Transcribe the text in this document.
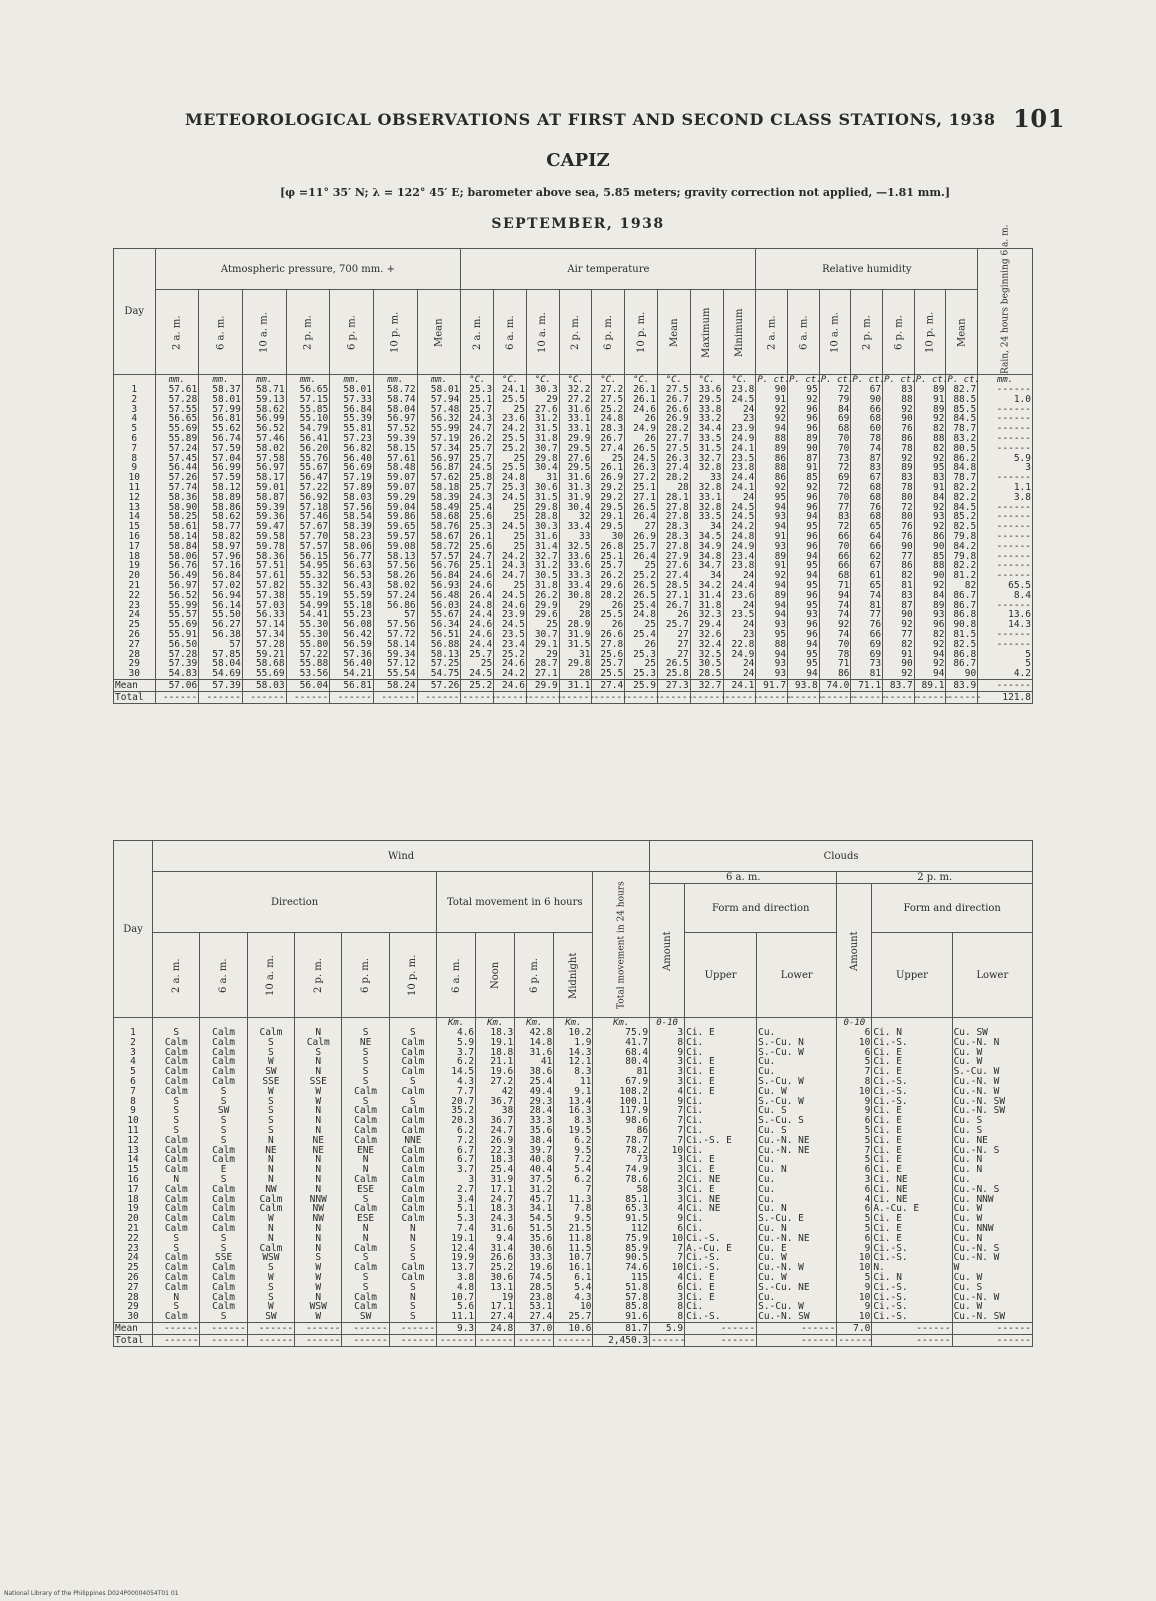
METEOROLOGICAL OBSERVATIONS AT FIRST AND SECOND CLASS STATIONS, 1938 101
CAPIZ
[φ =11° 35′ N; λ = 122° 45′ E; barometer above sea, 5.85 meters; gravity correction not applied, —1.81 mm.]
SEPTEMBER, 1938
Day	Atmospheric pressure, 700 mm. +							Air temperature									Relative humidity							Rain, 24 hours beginning 6 a. m.
	2 a. m.	6 a. m.	10 a. m.	2 p. m.	6 p. m.	10 p. m.	Mean	2 a. m.	6 a. m.	10 a. m.	2 p. m.	6 p. m.	10 p. m.	Mean	Maximum	Minimum	2 a. m.	6 a. m.	10 a. m.	2 p. m.	6 p. m.	10 p. m.	Mean	
	mm.	mm.	mm.	mm.	mm.	mm.	mm.	°C.	°C.	°C.	°C.	°C.	°C.	°C.	°C.	°C.	P. ct.	P. ct.	P. ct.	P. ct.	P. ct.	P. ct.	P. ct.	mm.
1	57.61	58.37	58.71	56.65	58.01	58.72	58.01	25.3	24.1	30.3	32.2	27.2	26.1	27.5	33.6	23.8	90	95	72	67	83	89	82.7	------
2	57.28	58.01	59.13	57.15	57.33	58.74	57.94	25.1	25.5	29	27.2	27.5	26.1	26.7	29.5	24.5	91	92	79	90	88	91	88.5	1.0
3	57.55	57.99	58.62	55.85	56.84	58.04	57.48	25.7	25	27.6	31.6	25.2	24.6	26.6	33.8	24	92	96	84	66	92	89	85.5	------
4	56.65	56.81	56.99	55.10	55.39	56.97	56.32	24.3	23.6	31.2	33.1	24.8	26	26.9	33.2	23	92	96	69	68	90	92	84.5	------
5	55.69	55.62	56.52	54.79	55.81	57.52	55.99	24.7	24.2	31.5	33.1	28.3	24.9	28.2	34.4	23.9	94	96	68	60	76	82	78.7	------
6	55.89	56.74	57.46	56.41	57.23	59.39	57.19	26.2	25.5	31.8	29.9	26.7	26	27.7	33.5	24.9	88	89	70	78	86	88	83.2	------
7	57.24	57.59	58.02	56.20	56.82	58.15	57.34	25.7	25.2	30.7	29.5	27.4	26.5	27.5	31.5	24.1	89	90	70	74	78	82	80.5	------
8	57.45	57.04	57.58	55.76	56.40	57.61	56.97	25.7	25	29.8	27.6	25	24.5	26.3	32.7	23.5	86	87	73	87	92	92	86.2	5.9
9	56.44	56.99	56.97	55.67	56.69	58.48	56.87	24.5	25.5	30.4	29.5	26.1	26.3	27.4	32.8	23.8	88	91	72	83	89	95	84.8	3
10	57.26	57.59	58.17	56.47	57.19	59.07	57.62	25.8	24.8	31	31.6	26.9	27.2	28.2	33	24.4	86	85	69	67	83	83	78.7	------
11	57.74	58.12	59.01	57.22	57.89	59.07	58.18	25.7	25.3	30.6	31.3	29.2	25.1	28	32.8	24.1	92	92	72	68	78	91	82.2	1.1
12	58.36	58.89	58.87	56.92	58.03	59.29	58.39	24.3	24.5	31.5	31.9	29.2	27.1	28.1	33.1	24	95	96	70	68	80	84	82.2	3.8
13	58.90	58.86	59.39	57.18	57.56	59.04	58.49	25.4	25	29.8	30.4	29.5	26.5	27.8	32.8	24.5	94	96	77	76	72	92	84.5	------
14	58.25	58.62	59.36	57.46	58.54	59.86	58.68	25.6	25	28.8	32	29.1	26.4	27.8	33.5	24.5	93	94	83	68	80	93	85.2	------
15	58.61	58.77	59.47	57.67	58.39	59.65	58.76	25.3	24.5	30.3	33.4	29.5	27	28.3	34	24.2	94	95	72	65	76	92	82.5	------
16	58.14	58.82	59.58	57.70	58.23	59.57	58.67	26.1	25	31.6	33	30	26.9	28.3	34.5	24.8	91	96	66	64	76	86	79.8	------
17	58.84	58.97	59.78	57.57	58.06	59.08	58.72	25.6	25	31.4	32.5	26.8	25.7	27.8	34.9	24.9	93	96	70	66	90	90	84.2	------
18	58.06	57.96	58.36	56.15	56.77	58.13	57.57	24.7	24.2	32.7	33.6	25.1	26.4	27.9	34.8	23.4	89	94	66	62	77	85	79.8	------
19	56.76	57.16	57.51	54.95	56.63	57.56	56.76	25.1	24.3	31.2	33.6	25.7	25	27.6	34.7	23.8	91	95	66	67	86	88	82.2	------
20	56.49	56.84	57.61	55.32	56.53	58.26	56.84	24.6	24.7	30.5	33.3	26.2	25.2	27.4	34	24	92	94	68	61	82	90	81.2	------
21	56.97	57.02	57.82	55.32	56.43	58.02	56.93	24.6	25	31.8	33.4	29.6	26.5	28.5	34.2	24.4	94	95	71	65	81	92	82	65.5
22	56.52	56.94	57.38	55.19	55.59	57.24	56.48	26.4	24.5	26.2	30.8	28.2	26.5	27.1	31.4	23.6	89	96	94	74	83	84	86.7	8.4
23	55.99	56.14	57.03	54.99	55.18	56.86	56.03	24.8	24.6	29.9	29	26	25.4	26.7	31.8	24	94	95	74	81	87	89	86.7	------
24	55.57	55.50	56.33	54.41	55.23	57	55.67	24.4	23.9	29.6	28	25.5	24.8	26	32.3	23.5	94	93	74	77	90	93	86.8	13.6
25	55.69	56.27	57.14	55.30	56.08	57.56	56.34	24.6	24.5	25	28.9	26	25	25.7	29.4	24	93	96	92	76	92	96	90.8	14.3
26	55.91	56.38	57.34	55.30	56.42	57.72	56.51	24.6	23.5	30.7	31.9	26.6	25.4	27	32.6	23	95	96	74	66	77	82	81.5	------
27	56.50	57	57.28	55.80	56.59	58.14	56.88	24.4	23.4	29.1	31.5	27.8	26	27	32.4	22.8	88	94	70	69	82	92	82.5	------
28	57.28	57.85	59.21	57.22	57.36	59.34	58.13	25.7	25.2	29	31	25.6	25.3	27	32.5	24.9	94	95	78	69	91	94	86.8	5
29	57.39	58.04	58.68	55.88	56.40	57.12	57.25	25	24.6	28.7	29.8	25.7	25	26.5	30.5	24	93	95	71	73	90	92	86.7	5
30	54.83	54.69	55.69	53.56	54.21	55.54	54.75	24.5	24.2	27.1	28	25.5	25.3	25.8	28.5	24	93	94	86	81	92	94	90	4.2
Mean	57.06	57.39	58.03	56.04	56.81	58.24	57.26	25.2	24.6	29.9	31.1	27.4	25.9	27.3	32.7	24.1	91.7	93.8	74.0	71.1	83.7	89.1	83.9	------
Total	------	------	------	------	------	------	------	------	------	------	------	------	------	------	------	------	------	------	------	------	------	------	------	121.8
Day	Wind											Clouds					
	Direction						Total movement in 6 hours				Total movement in 24 hours	6 a. m.			2 p. m.		
												Amount	Form and direction		Amount	Form and direction	
	2 a. m.	6 a. m.	10 a. m.	2 p. m.	6 p. m.	10 p. m.	6 a. m.	Noon	6 p. m.	Midnight			Upper	Lower		Upper	Lower
							Km.	Km.	Km.	Km.	Km.	0-10			0-10		
1	S	Calm	Calm	N	S	S	4.6	18.3	42.8	10.2	75.9	3	Ci. E	Cu.	6	Ci. N	Cu. SW
2	Calm	Calm	S	Calm	NE	Calm	5.9	19.1	14.8	1.9	41.7	8	Ci.	S.-Cu. N	10	Ci.-S.	Cu.-N. N
3	Calm	Calm	S	S	S	Calm	3.7	18.8	31.6	14.3	68.4	9	Ci.	S.-Cu. W	6	Ci. E	Cu. W
4	Calm	Calm	W	N	S	Calm	6.2	21.1	41	12.1	80.4	3	Ci. E	Cu.	5	Ci. E	Cu. W
5	Calm	Calm	SW	N	S	Calm	14.5	19.6	38.6	8.3	81	3	Ci. E	Cu.	7	Ci. E	S.-Cu. W
6	Calm	Calm	SSE	SSE	S	S	4.3	27.2	25.4	11	67.9	3	Ci. E	S.-Cu. W	8	Ci.-S.	Cu.-N. W
7	Calm	S	W	W	Calm	Calm	7.7	42	49.4	9.1	108.2	4	Ci. E	Cu. W	10	Ci.-S.	Cu.-N. W
8	S	S	S	W	S	S	20.7	36.7	29.3	13.4	100.1	9	Ci.	S.-Cu. W	9	Ci.-S.	Cu.-N. SW
9	S	SW	S	N	Calm	Calm	35.2	38	28.4	16.3	117.9	7	Ci.	Cu. S	9	Ci. E	Cu.-N. SW
10	S	S	S	N	Calm	Calm	20.3	36.7	33.3	8.3	98.6	7	Ci.	S.-Cu. S	6	Ci. E	Cu. S
11	S	S	S	N	Calm	Calm	6.2	24.7	35.6	19.5	86	7	Ci.	Cu. S	5	Ci. E	Cu. S
12	Calm	S	N	NE	Calm	NNE	7.2	26.9	38.4	6.2	78.7	7	Ci.-S. E	Cu.-N. NE	5	Ci. E	Cu. NE
13	Calm	Calm	NE	NE	ENE	Calm	6.7	22.3	39.7	9.5	78.2	10	Ci.	Cu.-N. NE	7	Ci. E	Cu.-N. S
14	Calm	Calm	N	N	N	Calm	6.7	18.3	40.8	7.2	73	3	Ci. E	Cu.	5	Ci. E	Cu. N
15	Calm	E	N	N	N	Calm	3.7	25.4	40.4	5.4	74.9	3	Ci. E	Cu. N	6	Ci. E	Cu. N
16	N	S	N	N	Calm	Calm	3	31.9	37.5	6.2	78.6	2	Ci. NE	Cu.	3	Ci. NE	Cu.
17	Calm	Calm	NW	N	ESE	Calm	2.7	17.1	31.2	7	58	3	Ci. E	Cu.	6	Ci. NE	Cu.-N. S
18	Calm	Calm	Calm	NNW	S	Calm	3.4	24.7	45.7	11.3	85.1	3	Ci. NE	Cu.	4	Ci. NE	Cu. NNW
19	Calm	Calm	Calm	NW	Calm	Calm	5.1	18.3	34.1	7.8	65.3	4	Ci. NE	Cu. N	6	A.-Cu. E	Cu. W
20	Calm	Calm	W	NW	ESE	Calm	5.3	24.3	54.5	9.5	91.5	9	Ci.	S.-Cu. E	5	Ci. E	Cu. W
21	Calm	Calm	N	N	N	N	7.4	31.6	51.5	21.5	112	6	Ci.	Cu. N	5	Ci. E	Cu. NNW
22	S	S	N	N	N	N	19.1	9.4	35.6	11.8	75.9	10	Ci.-S.	Cu.-N. NE	6	Ci. E	Cu. N
23	S	S	Calm	N	Calm	S	12.4	31.4	30.6	11.5	85.9	7	A.-Cu. E	Cu. E	9	Ci.-S.	Cu.-N. S
24	Calm	SSE	WSW	S	S	S	19.9	26.6	33.3	10.7	90.5	7	Ci.-S.	Cu. W	10	Ci.-S.	Cu.-N. W
25	Calm	Calm	S	W	Calm	Calm	13.7	25.2	19.6	16.1	74.6	10	Ci.-S.	Cu.-N. W	10	N.	W
26	Calm	Calm	W	W	S	Calm	3.8	30.6	74.5	6.1	115	4	Ci. E	Cu. W	5	Ci. N	Cu. W
27	Calm	Calm	S	W	S	S	4.8	13.1	28.5	5.4	51.8	6	Ci. E	S.-Cu. NE	9	Ci.-S.	Cu. S
28	N	Calm	S	N	Calm	N	10.7	19	23.8	4.3	57.8	3	Ci. E	Cu.	10	Ci.-S.	Cu.-N. W
29	S	Calm	W	WSW	Calm	S	5.6	17.1	53.1	10	85.8	8	Ci.	S.-Cu. W	9	Ci.-S.	Cu. W
30	Calm	S	SW	W	SW	S	11.1	27.4	27.4	25.7	91.6	8	Ci.-S.	Cu.-N. SW	10	Ci.-S.	Cu.-N. SW
Mean	------	------	------	------	------	------	9.3	24.8	37.0	10.6	81.7	5.9	------	------	7.0	------	------
Total	------	------	------	------	------	------	------	------	------	------	2,450.3	------	------	------	------	------	------
National Library of the Philippines D024P00004054T01 01
